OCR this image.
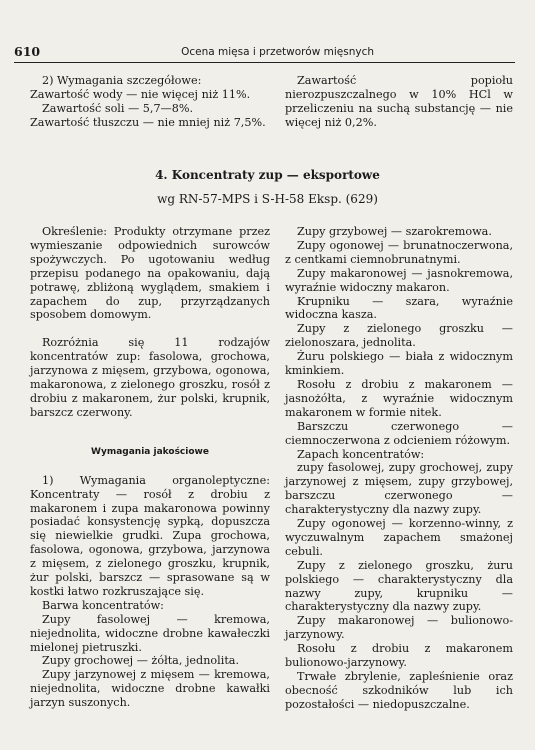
610	Ocena mięsa i przetworów mięsnych

2) Wymagania szczegółowe:

Zawartość wody — nie więcej niż 11%.

Zawartość soli — 5,7—8%.

Zawartość tłuszczu — nie mniej niż 7,5%.

Zawartość popiołu nierozpuszczalnego w 10% HCl w przeliczeniu na suchą substancję — nie więcej niż 0,2%.

4. Koncentraty zup — eksportowe
wg RN-57-MPS i S-H-58 Eksp. (629)

Określenie: Produkty otrzymane przez wymieszanie odpowiednich surowców spożywczych. Po ugotowaniu według przepisu podanego na opakowaniu, dają potrawę, zbliżoną wyglądem, smakiem i zapachem do zup, przyrządzanych sposobem domowym.

Rozróżnia się 11 rodzajów koncentratów zup: fasolowa, grochowa, jarzynowa z mięsem, grzybowa, ogonowa, makaronowa, z zielonego groszku, rosół z drobiu z makaronem, żur polski, krupnik, barszcz czerwony.

Wymagania jakościowe

1) Wymagania organoleptyczne: Koncentraty — rosół z drobiu z makaronem i zupa makaronowa powinny posiadać konsystencję sypką, dopuszcza się niewielkie grudki. Zupa grochowa, fasolowa, ogonowa, grzybowa, jarzynowa z mięsem, z zielonego groszku, krupnik, żur polski, barszcz — sprasowane są w kostki łatwo rozkruszające się.

Barwa koncentratów:

Zupy fasolowej — kremowa, niejednolita, widoczne drobne kawałeczki mielonej pietruszki.

Zupy grochowej — żółta, jednolita.

Zupy jarzynowej z mięsem — kremowa, niejednolita, widoczne drobne kawałki jarzyn suszonych.

Zupy grzybowej — szarokremowa.

Zupy ogonowej — brunatnoczerwona, z centkami ciemnobrunatnymi.

Zupy makaronowej — jasnokremowa, wyraźnie widoczny makaron.

Krupniku — szara, wyraźnie widoczna kasza.

Zupy z zielonego groszku — zielonoszara, jednolita.

Żuru polskiego — biała z widocznym kminkiem.

Rosołu z drobiu z makaronem — jasnożółta, z wyraźnie widocznym makaronem w formie nitek.

Barszczu czerwonego — ciemnoczerwona z odcieniem różowym.

Zapach koncentratów:

zupy fasolowej, zupy grochowej, zupy jarzynowej z mięsem, zupy grzybowej, barszczu czerwonego — charakterystyczny dla nazwy zupy.

Zupy ogonowej — korzenno-winny, z wyczuwalnym zapachem smażonej cebuli.

Zupy z zielonego groszku, żuru polskiego — charakterystyczny dla nazwy zupy, krupniku — charakterystyczny dla nazwy zupy.

Zupy makaronowej — bulionowo-jarzynowy.

Rosołu z drobiu z makaronem bulionowo-jarzynowy.

Trwałe zbrylenie, zapleśnienie oraz obecność szkodników lub ich pozostałości — niedopuszczalne.
